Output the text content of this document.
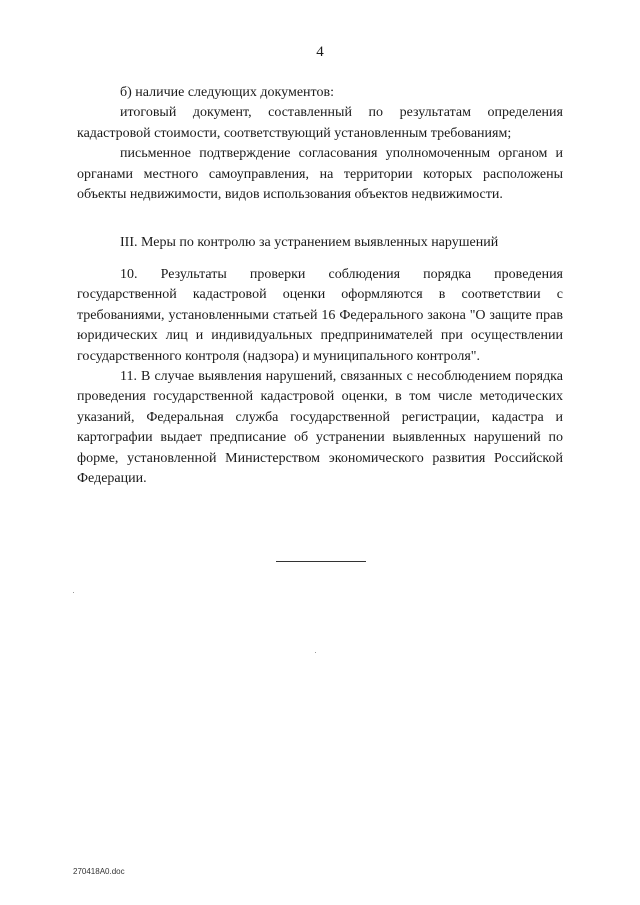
4

б) наличие следующих документов:

итоговый документ, составленный по результатам определения кадастровой стоимости, соответствующий установленным требованиям;

письменное подтверждение согласования уполномоченным органом и органами местного самоуправления, на территории которых расположены объекты недвижимости, видов использования объектов недвижимости.

III. Меры по контролю за устранением выявленных нарушений

10. Результаты проверки соблюдения порядка проведения государственной кадастровой оценки оформляются в соответствии с требованиями, установленными статьей 16 Федерального закона "О защите прав юридических лиц и индивидуальных предпринимателей при осуществлении государственного контроля (надзора) и муниципального контроля".

11. В случае выявления нарушений, связанных с несоблюдением порядка проведения государственной кадастровой оценки, в том числе методических указаний, Федеральная служба государственной регистрации, кадастра и картографии выдает предписание об устранении выявленных нарушений по форме, установленной Министерством экономического развития Российской Федерации.

270418A0.doc
